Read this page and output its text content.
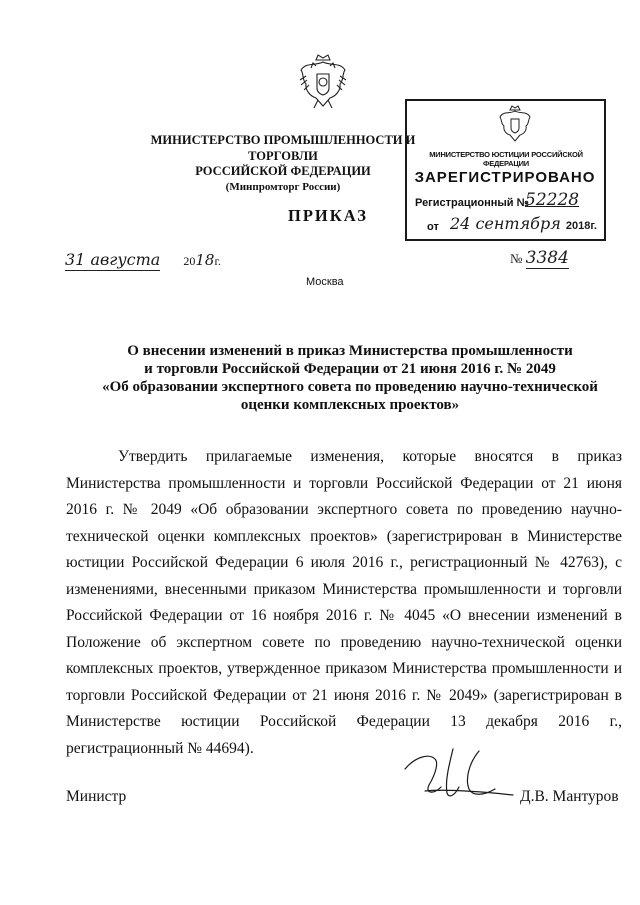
МИНИСТЕРСТВО ПРОМЫШЛЕННОСТИ И ТОРГОВЛИ
РОССИЙСКОЙ ФЕДЕРАЦИИ
(Минпромторг России)
ПРИКАЗ
МИНИСТЕРСТВО ЮСТИЦИИ РОССИЙСКОЙ ФЕДЕРАЦИИ
ЗАРЕГИСТРИРОВАНО
Регистрационный №
52228
от 24 сентября 2018г.
31 августа 2018г.	№ 3384
Москва
О внесении изменений в приказ Министерства промышленности
и торговли Российской Федерации от 21 июня 2016 г. № 2049
«Об образовании экспертного совета по проведению научно-технической
оценки комплексных проектов»

Утвердить прилагаемые изменения, которые вносятся в приказ Министерства промышленности и торговли Российской Федерации от 21 июня 2016 г. № 2049 «Об образовании экспертного совета по проведению научно-технической оценки комплексных проектов» (зарегистрирован в Министерстве юстиции Российской Федерации 6 июля 2016 г., регистрационный № 42763), с изменениями, внесенными приказом Министерства промышленности и торговли Российской Федерации от 16 ноября 2016 г. № 4045 «О внесении изменений в Положение об экспертном совете по проведению научно-технической оценки комплексных проектов, утвержденное приказом Министерства промышленности и торговли Российской Федерации от 21 июня 2016 г. № 2049» (зарегистрирован в Министерстве юстиции Российской Федерации 13 декабря 2016 г., регистрационный № 44694).

Министр	Д.В. Мантуров
